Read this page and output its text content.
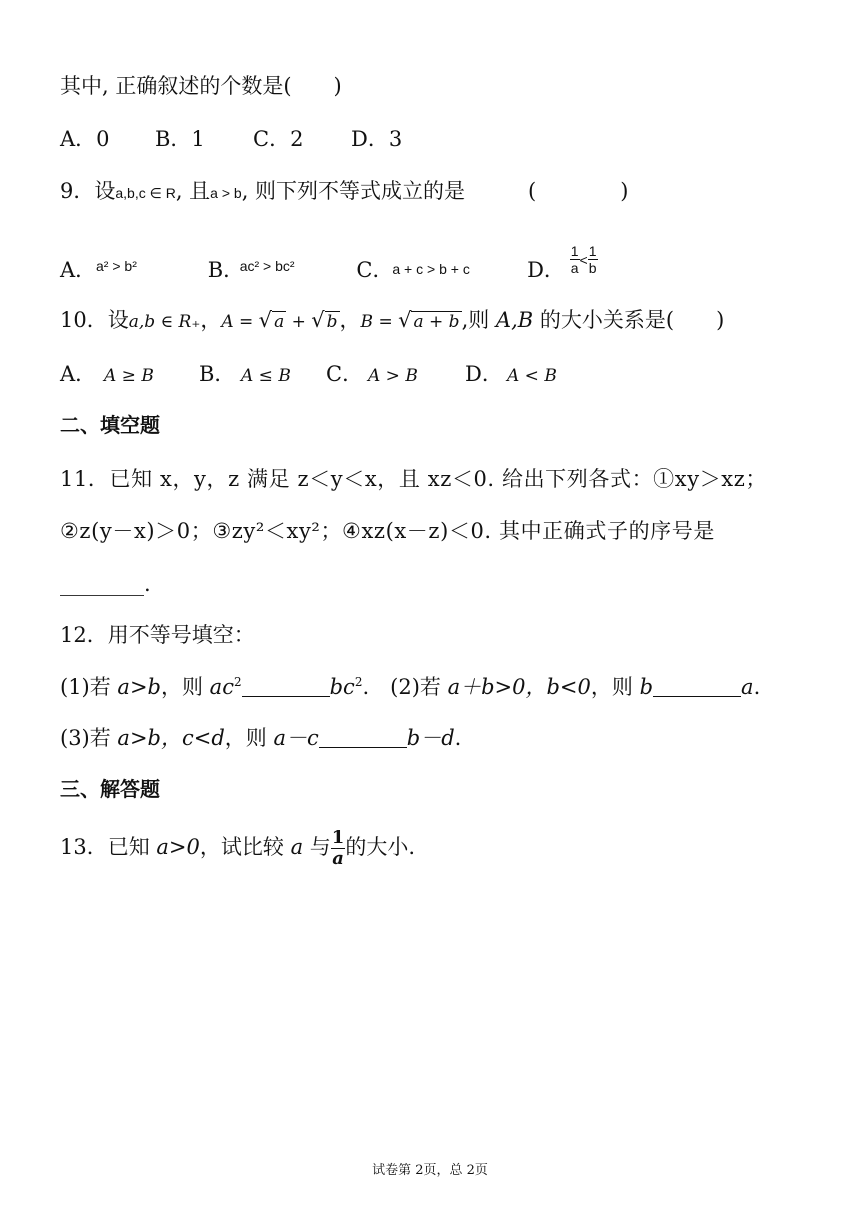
其中, 正确叙述的个数是(　　)
A．0 B．1 C．2 D．3
9．设a,b,c ∈ R, 且a > b, 则下列不等式成立的是　　　(　　　　)
A．a² > b²	B．ac² > bc²	C．a + c > b + c	D． $\frac{1}{a} < \frac{1}{b}$
10．设a,b ∈ R₊，A = √ a + √ b，B = √ a + b,则 A,B 的大小关系是(　　)
A． A ≥ B B． A ≤ B C． A > B D． A < B
二、填空题
11．已知 x，y，z 满足 z＜y＜x，且 xz＜0. 给出下列各式：①xy＞xz；
②z(y－x)＞0；③zy²＜xy²；④xz(x－z)＜0. 其中正确式子的序号是
________.
12．用不等号填空：
(1)若 a>b，则 $ac^2$	$bc^2$.　(2)若 a＋b>0，b<0，则 b	a.
(3)若 a>b，c<d，则 a－c	b－d.
三、解答题
13．已知 a>0，试比较 a 与 $\frac{1}{a}$ 的大小.
试卷第 2页，总 2页
